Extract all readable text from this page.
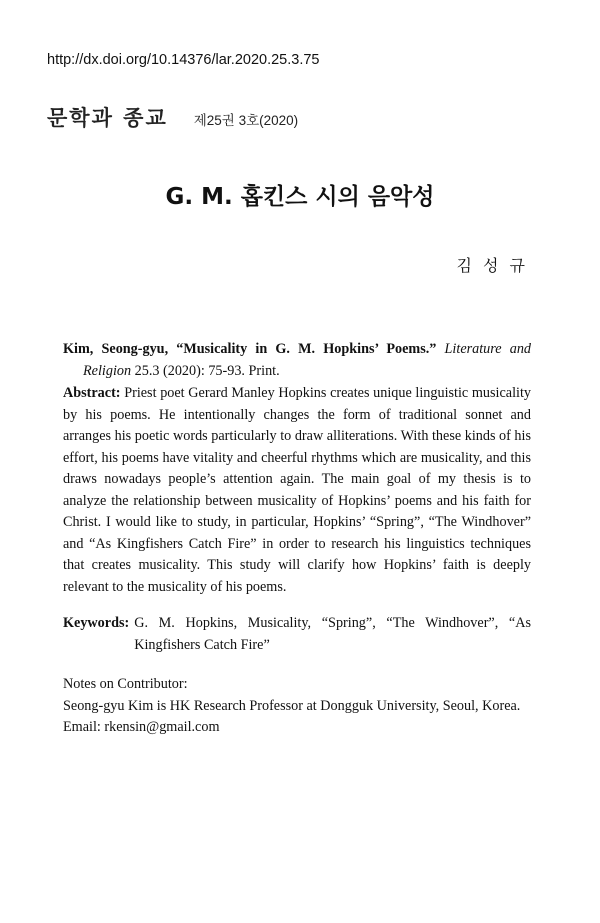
http://dx.doi.org/10.14376/lar.2020.25.3.75
문학과 종교 제25권 3호(2020)
G. M. 홉킨스 시의 음악성
김 성 규
Kim, Seong-gyu, “Musicality in G. M. Hopkins’ Poems.” Literature and Religion 25.3 (2020): 75-93. Print.
Abstract: Priest poet Gerard Manley Hopkins creates unique linguistic musicality by his poems. He intentionally changes the form of traditional sonnet and arranges his poetic words particularly to draw alliterations. With these kinds of his effort, his poems have vitality and cheerful rhythms which are musicality, and this draws nowadays people’s attention again. The main goal of my thesis is to analyze the relationship between musicality of Hopkins’ poems and his faith for Christ. I would like to study, in particular, Hopkins’ “Spring”, “The Windhover” and “As Kingfishers Catch Fire” in order to research his linguistics techniques that creates musicality. This study will clarify how Hopkins’ faith is deeply relevant to the musicality of his poems.
Keywords: G. M. Hopkins, Musicality, “Spring”, “The Windhover”, “As Kingfishers Catch Fire”
Notes on Contributor:
Seong-gyu Kim is HK Research Professor at Dongguk University, Seoul, Korea.
Email: rkensin@gmail.com
